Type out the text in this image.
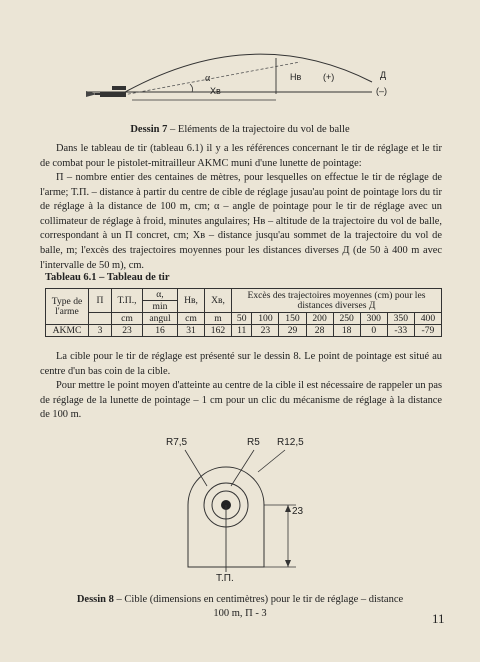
α	Hв
Xв
(+)
(–)
Д
Dessin 7 – Eléments de la trajectoire du vol de balle
Dans le tableau de tir (tableau 6.1) il y a les références concernant le tir de réglage et le tir de combat pour le pistolet-mitrailleur AKMC muni d'une lunette de pointage:
П – nombre entier des centaines de mètres, pour lesquelles on effectue le tir de réglage de l'arme; Т.П. – distance à partir du centre de cible de réglage jusau'au point de pointage lors du tir de réglage à la distance de 100 m, cm; α – angle de pointage pour le tir de réglage avec un collimateur de réglage à froid, minutes angulaires; Hв – altitude de la trajectoire du vol de balle, correspondant à un П concret, cm; Xв – distance jusqu'au sommet de la trajectoire du vol de balle, m; l'excès des trajectoires moyennes pour les distances diverses Д (de 50 à 400 m avec l'intervalle de 50 m), cm.
Tableau 6.1 – Tableau de tir
Type de l'arme	П	Т.П.,	α,	Hв,	Xв,	Excès des trajectoires moyennes (cm) pour les distances diverses Д							
			min										
		cm	angul	cm	m	50	100	150	200	250	300	350	400
AKMC	3	23	16	31	162	11	23	29	28	18	0	-33	-79
La cible pour le tir de réglage est présenté sur le dessin 8. Le point de pointage est situé au centre d'un bas coin de la cible.
Pour mettre le point moyen d'atteinte au centre de la cible il est nécessaire de rappeler un pas de réglage de la lunette de pointage – 1 cm pour un clic du mécanisme de réglage à la distance de 100 m.
R7,5	R5 R12,5
23
Т.П.
Dessin 8 – Cible (dimensions en centimètres) pour le tir de réglage – distance 100 m, П - 3	11
